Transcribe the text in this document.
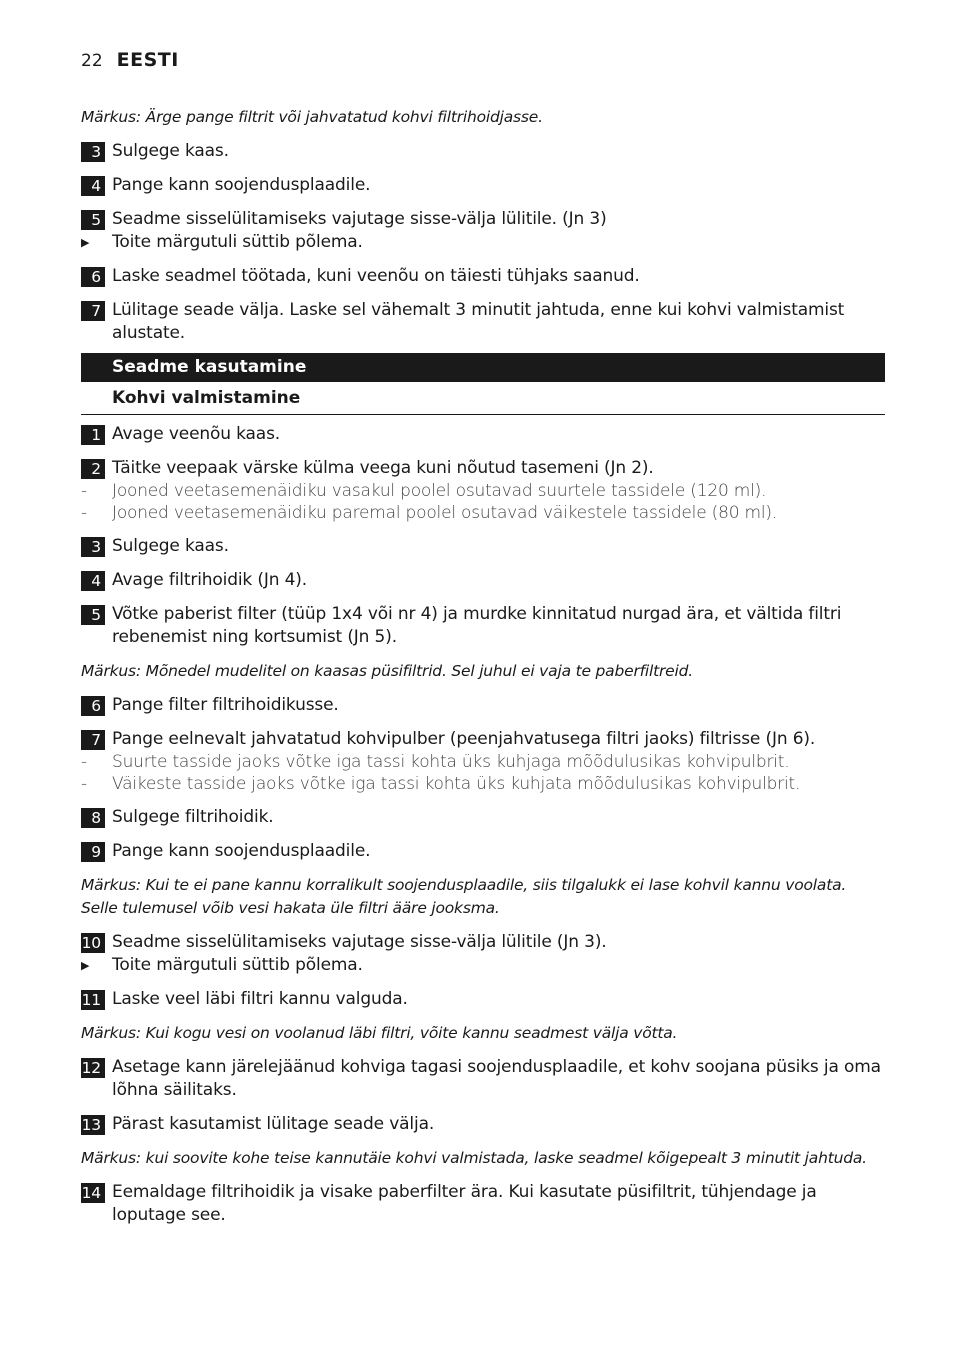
22 EESTI
Märkus: Ärge pange filtrit või jahvatatud kohvi filtrihoidjasse.
3 Sulgege kaas.
4 Pange kann soojendusplaadile.
5 Seadme sisselülitamiseks vajutage sisse-välja lülitile. (Jn 3)
▶ Toite märgutuli süttib põlema.
6 Laske seadmel töötada, kuni veenõu on täiesti tühjaks saanud.
7 Lülitage seade välja. Laske sel vähemalt 3 minutit jahtuda, enne kui kohvi valmistamist alustate.
Seadme kasutamine
Kohvi valmistamine
1 Avage veenõu kaas.
2 Täitke veepaak värske külma veega kuni nõutud tasemeni (Jn 2).
- Jooned veetasemenäidiku vasakul poolel osutavad suurtele tassidele (120 ml).
- Jooned veetasemenäidiku paremal poolel osutavad väikestele tassidele (80 ml).
3 Sulgege kaas.
4 Avage filtrihoidik (Jn 4).
5 Võtke paberist filter (tüüp 1x4 või nr 4) ja murdke kinnitatud nurgad ära, et vältida filtri rebenemist ning kortsumist (Jn 5).
Märkus: Mõnedel mudelitel on kaasas püsifiltrid. Sel juhul ei vaja te paberfiltreid.
6 Pange filter filtrihoidikusse.
7 Pange eelnevalt jahvatatud kohvipulber (peenjahvatusega filtri jaoks) filtrisse (Jn 6).
- Suurte tasside jaoks võtke iga tassi kohta üks kuhjaga mõõdulusikas kohvipulbrit.
- Väikeste tasside jaoks võtke iga tassi kohta üks kuhjata mõõdulusikas kohvipulbrit.
8 Sulgege filtrihoidik.
9 Pange kann soojendusplaadile.
Märkus: Kui te ei pane kannu korralikult soojendusplaadile, siis tilgalukk ei lase kohvil kannu voolata. Selle tulemusel võib vesi hakata üle filtri ääre jooksma.
10 Seadme sisselülitamiseks vajutage sisse-välja lülitile (Jn 3).
▶ Toite märgutuli süttib põlema.
11 Laske veel läbi filtri kannu valguda.
Märkus: Kui kogu vesi on voolanud läbi filtri, võite kannu seadmest välja võtta.
12 Asetage kann järelejäänud kohviga tagasi soojendusplaadile, et kohv soojana püsiks ja oma lõhna säilitaks.
13 Pärast kasutamist lülitage seade välja.
Märkus: kui soovite kohe teise kannutäie kohvi valmistada, laske seadmel kõigepealt 3 minutit jahtuda.
14 Eemaldage filtrihoidik ja visake paberfilter ära. Kui kasutate püsifiltrit, tühjendage ja loputage see.
